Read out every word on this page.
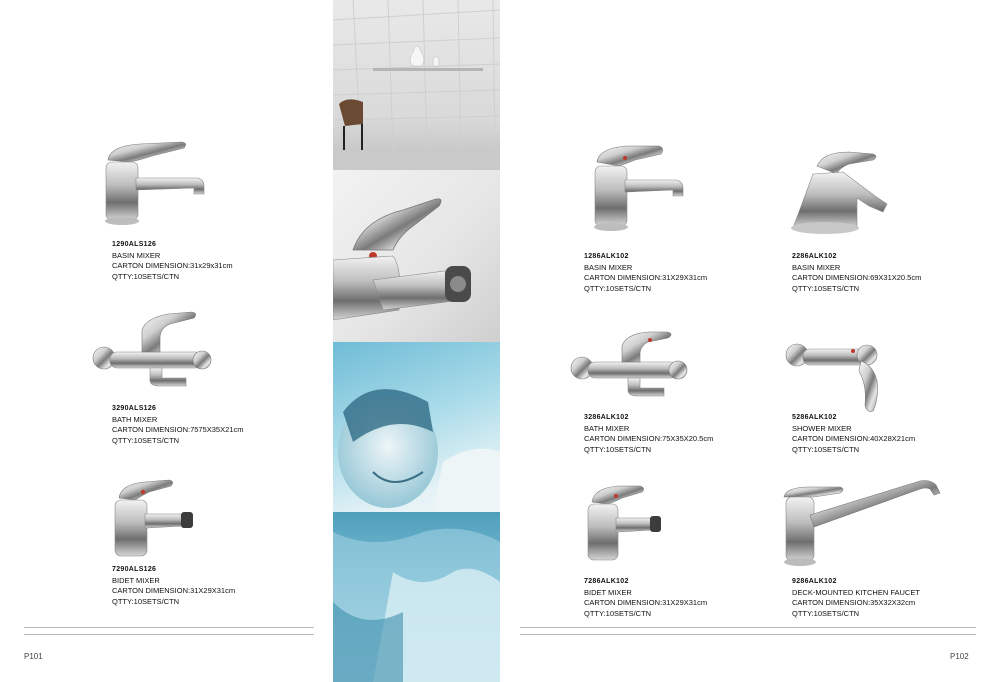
1290ALS126
BASIN MIXER
CARTON DIMENSION:31x29x31cm
QTTY:10SETS/CTN
3290ALS126
BATH MIXER
CARTON DIMENSION:7575X35X21cm
QTTY:10SETS/CTN
7290ALS126
BIDET MIXER
CARTON DIMENSION:31X29X31cm
QTTY:10SETS/CTN
P101
1286ALK102
BASIN MIXER
CARTON DIMENSION:31X29X31cm
QTTY:10SETS/CTN
2286ALK102
BASIN MIXER
CARTON DIMENSION:69X31X20.5cm
QTTY:10SETS/CTN
3286ALK102
BATH MIXER
CARTON DIMENSION:75X35X20.5cm
QTTY:10SETS/CTN
5286ALK102
SHOWER MIXER
CARTON DIMENSION:40X28X21cm
QTTY:10SETS/CTN
7286ALK102
BIDET MIXER
CARTON DIMENSION:31X29X31cm
QTTY:10SETS/CTN
9286ALK102
DECK-MOUNTED KITCHEN FAUCET
CARTON DIMENSION:35X32X32cm
QTTY:10SETS/CTN
P102
